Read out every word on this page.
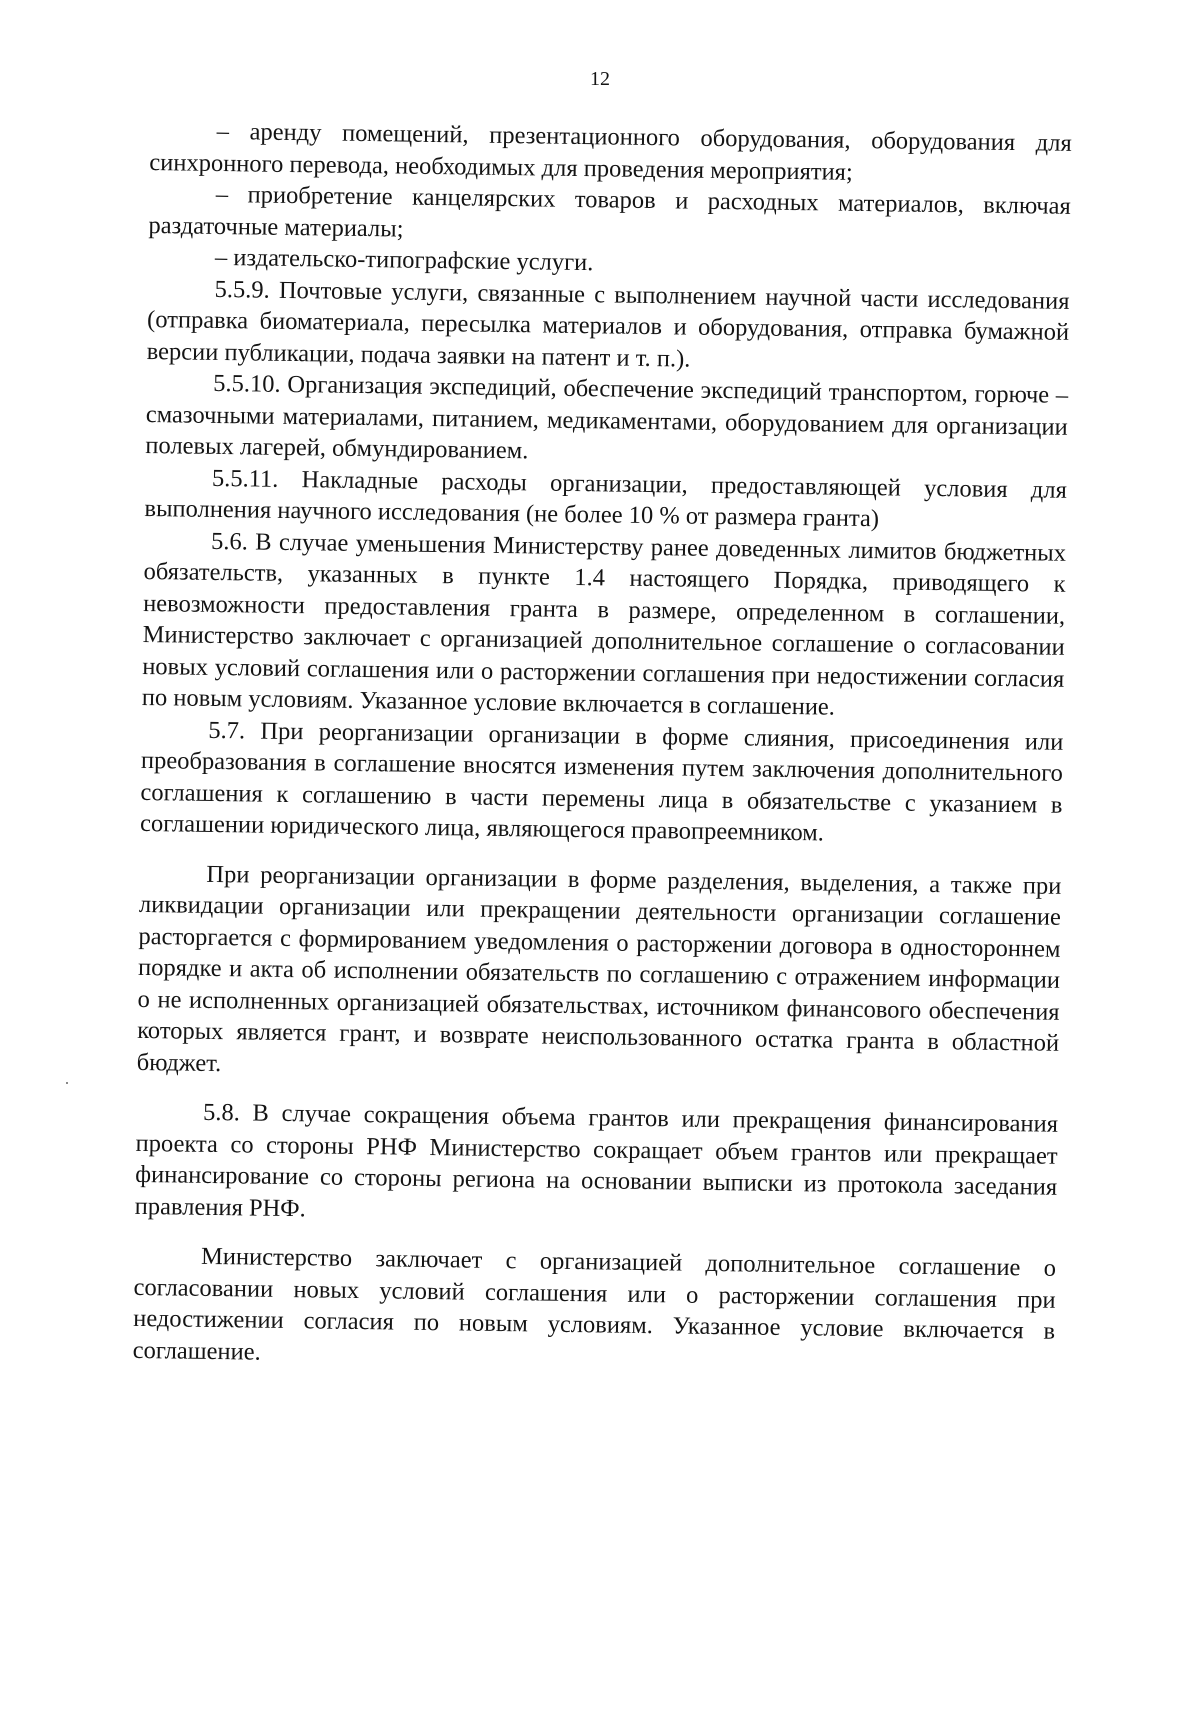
12

– аренду помещений, презентационного оборудования, оборудования для синхронного перевода, необходимых для проведения мероприятия;

– приобретение канцелярских товаров и расходных материалов, включая раздаточные материалы;

– издательско-типографские услуги.

5.5.9. Почтовые услуги, связанные с выполнением научной части исследования (отправка биоматериала, пересылка материалов и оборудования, отправка бумажной версии публикации, подача заявки на патент и т. п.).

5.5.10. Организация экспедиций, обеспечение экспедиций транспортом, горюче – смазочными материалами, питанием, медикаментами, оборудованием для организации полевых лагерей, обмундированием.

5.5.11. Накладные расходы организации, предоставляющей условия для выполнения научного исследования (не более 10 % от размера гранта)

5.6. В случае уменьшения Министерству ранее доведенных лимитов бюджетных обязательств, указанных в пункте 1.4 настоящего Порядка, приводящего к невозможности предоставления гранта в размере, определенном в соглашении, Министерство заключает с организацией дополнительное соглашение о согласовании новых условий соглашения или о расторжении соглашения при недостижении согласия по новым условиям. Указанное условие включается в соглашение.

5.7. При реорганизации организации в форме слияния, присоединения или преобразования в соглашение вносятся изменения путем заключения дополнительного соглашения к соглашению в части перемены лица в обязательстве с указанием в соглашении юридического лица, являющегося правопреемником.

При реорганизации организации в форме разделения, выделения, а также при ликвидации организации или прекращении деятельности организации соглашение расторгается с формированием уведомления о расторжении договора в одностороннем порядке и акта об исполнении обязательств по соглашению с отражением информации о не исполненных организацией обязательствах, источником финансового обеспечения которых является грант, и возврате неиспользованного остатка гранта в областной бюджет.

5.8. В случае сокращения объема грантов или прекращения финансирования проекта со стороны РНФ Министерство сокращает объем грантов или прекращает финансирование со стороны региона на основании выписки из протокола заседания правления РНФ.

Министерство заключает с организацией дополнительное соглашение о согласовании новых условий соглашения или о расторжении соглашения при недостижении согласия по новым условиям. Указанное условие включается в соглашение.
